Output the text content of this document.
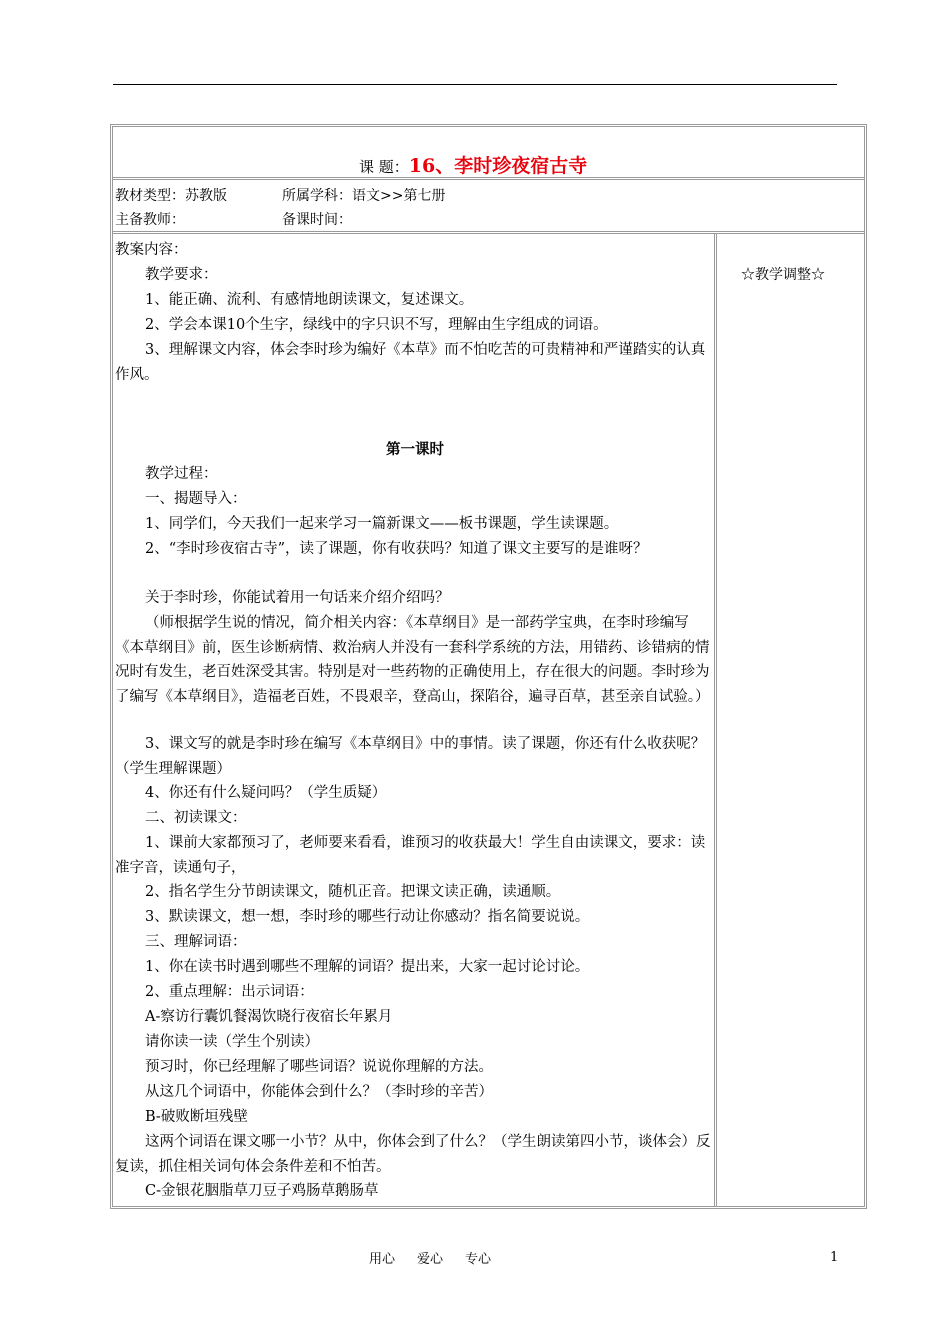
课 题：16、李时珍夜宿古寺
教材类型：苏教版	所属学科：语文>>第七册
主备教师：	备课时间：
教案内容：
教学要求：
1、能正确、流利、有感情地朗读课文，复述课文。
2、学会本课10个生字，绿线中的字只识不写，理解由生字组成的词语。
3、理解课文内容，体会李时珍为编好《本草》而不怕吃苦的可贵精神和严谨踏实的认真作风。
第一课时
教学过程：
一、揭题导入：
1、同学们，今天我们一起来学习一篇新课文——板书课题，学生读课题。
2、“李时珍夜宿古寺”，读了课题，你有收获吗？知道了课文主要写的是谁呀？
关于李时珍，你能试着用一句话来介绍介绍吗？
（师根据学生说的情况，简介相关内容：《本草纲目》是一部药学宝典，在李时珍编写《本草纲目》前，医生诊断病情、救治病人并没有一套科学系统的方法，用错药、诊错病的情况时有发生，老百姓深受其害。特别是对一些药物的正确使用上，存在很大的问题。李时珍为了编写《本草纲目》，造福老百姓，不畏艰辛，登高山，探陷谷，遍寻百草，甚至亲自试验。）
3、课文写的就是李时珍在编写《本草纲目》中的事情。读了课题，你还有什么收获呢？（学生理解课题）
4、你还有什么疑问吗？（学生质疑）
二、初读课文：
1、课前大家都预习了，老师要来看看，谁预习的收获最大！学生自由读课文，要求：读准字音，读通句子，
2、指名学生分节朗读课文，随机正音。把课文读正确，读通顺。
3、默读课文，想一想，李时珍的哪些行动让你感动？指名简要说说。
三、理解词语：
1、你在读书时遇到哪些不理解的词语？提出来，大家一起讨论讨论。
2、重点理解：出示词语：
A-察访行囊饥餐渴饮晓行夜宿长年累月
请你读一读（学生个别读）
预习时，你已经理解了哪些词语？说说你理解的方法。
从这几个词语中，你能体会到什么？（李时珍的辛苦）
B-破败断垣残壁
这两个词语在课文哪一小节？从中，你体会到了什么？（学生朗读第四小节，谈体会）反复读，抓住相关词句体会条件差和不怕苦。
C-金银花胭脂草刀豆子鸡肠草鹅肠草
☆教学调整☆
用心 爱心 专心	1
